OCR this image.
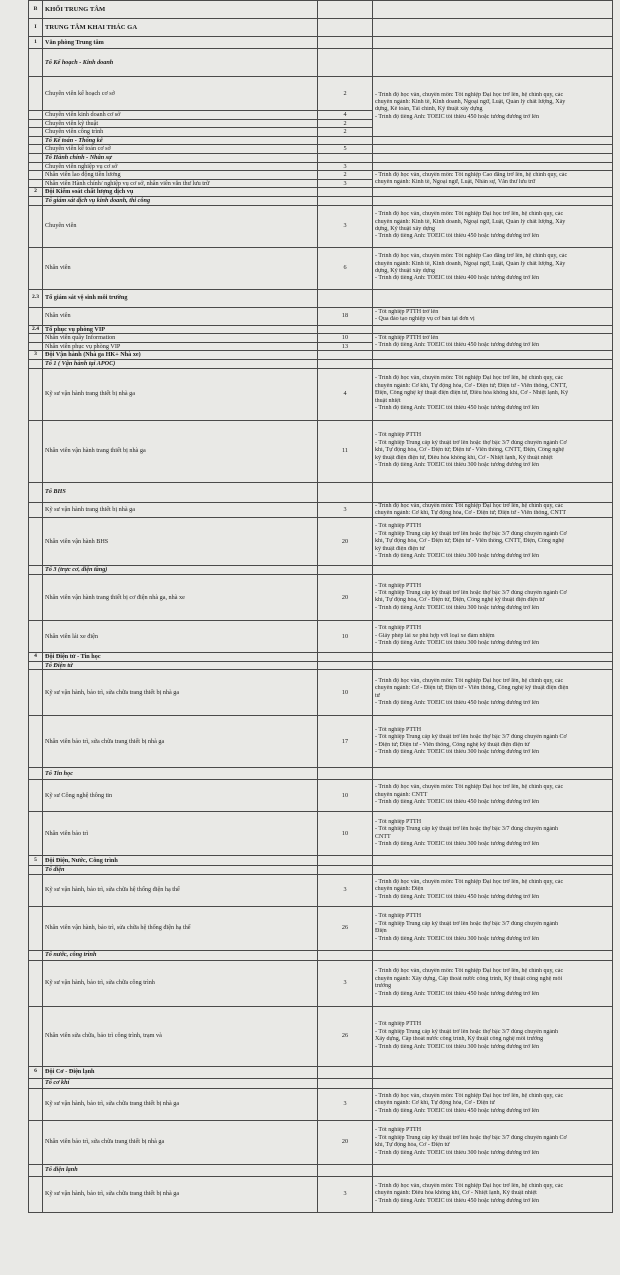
B	KHỐI TRUNG TÂM		
I	TRUNG TÂM KHAI THÁC GA		
1	Văn phòng Trung tâm		
	Tổ Kế hoạch - Kinh doanh		
	Chuyên viên kế hoạch cơ sở	2	- Trình độ học vấn, chuyên môn: Tốt nghiệp Đại học trở lên, hệ chính quy, các
chuyên ngành: Kinh tế, Kinh doanh, Ngoại ngữ, Luật, Quản lý chất lượng, Xây
dựng, Kế toán, Tài chính, Kỹ thuật xây dựng
- Trình độ tiếng Anh: TOEIC tối thiểu 450 hoặc tương đương trở lên

	Chuyên viên kinh doanh cơ sở	4	
	Chuyên viên kỹ thuật	2	
	Chuyên viên công trình	2	
	Tổ Kế toán - Thống kê		
	Chuyên viên kế toán cơ sở	5	
	Tổ Hành chính - Nhân sự		
	Chuyên viên nghiệp vụ cơ sở	3	
	Nhân viên lao động tiền lương	2	- Trình độ học vấn, chuyên môn: Tốt nghiệp Cao đẳng trở lên, hệ chính quy, các
chuyên ngành: Kinh tế, Ngoại ngữ, Luật, Nhân sự, Văn thư lưu trữ

	Nhân viên Hành chính/ nghiệp vụ cơ sở, nhân viên văn thư lưu trữ	3	
2	Đội Kiểm soát chất lượng dịch vụ		
	Tổ giám sát dịch vụ kinh doanh, thi công		
	Chuyên viên	3	- Trình độ học vấn, chuyên môn: Tốt nghiệp Đại học trở lên, hệ chính quy, các
chuyên ngành: Kinh tế, Kinh doanh, Ngoại ngữ, Luật, Quản lý chất lượng, Xây
dựng, Kỹ thuật xây dựng
- Trình độ tiếng Anh: TOEIC tối thiểu 450 hoặc tương đương trở lên

	Nhân viên	6	- Trình độ học vấn, chuyên môn: Tốt nghiệp Cao đẳng trở lên, hệ chính quy, các
chuyên ngành: Kinh tế, Kinh doanh, Ngoại ngữ, Luật, Quản lý chất lượng, Xây
dựng, Kỹ thuật xây dựng
- Trình độ tiếng Anh: TOEIC tối thiểu 400 hoặc tương đương trở lên

2.3	Tổ giám sát vệ sinh môi trường		
	Nhân viên	18	- Tốt nghiệp PTTH trở lên
- Qua đào tạo nghiệp vụ cơ bản tại đơn vị

2.4	Tổ phục vụ phòng VIP		
	Nhân viên quầy Information	10	- Tốt nghiệp PTTH trở lên
- Trình độ tiếng Anh: TOEIC tối thiểu 450 hoặc tương đương trở lên

	Nhân viên phục vụ phòng VIP	13	
3	Đội Vận hành (Nhà ga HK+ Nhà xe)		
	Tổ 1 ( Vận hành tại APOC)		
	Kỹ sư vận hành trang thiết bị nhà ga	4	- Trình độ học vấn, chuyên môn: Tốt nghiệp Đại học trở lên, hệ chính quy, các
chuyên ngành: Cơ khí, Tự động hóa, Cơ - Điện tử; Điện tử - Viễn thông, CNTT,
Điện, Công nghệ kỹ thuật điện điện tử, Điều hòa không khí, Cơ - Nhiệt lạnh, Kỹ
thuật nhiệt
- Trình độ tiếng Anh: TOEIC tối thiểu 450 hoặc tương đương trở lên

	Nhân viên vận hành trang thiết bị nhà ga	11	- Tốt nghiệp PTTH
- Tốt nghiệp Trung cấp kỹ thuật trở lên hoặc thợ bậc 3/7 đúng chuyên ngành Cơ
khí, Tự động hóa, Cơ - Điện tử; Điện tử - Viễn thông, CNTT, Điện, Công nghệ
kỹ thuật điện điện tử, Điều hòa không khí, Cơ - Nhiệt lạnh, Kỹ thuật nhiệt
- Trình độ tiếng Anh: TOEIC tối thiểu 300 hoặc tương đương trở lên

	Tổ BHS		
	Kỹ sư vận hành trang thiết bị nhà ga	3	- Trình độ học vấn, chuyên môn: Tốt nghiệp Đại học trở lên, hệ chính quy, các
chuyên ngành: Cơ khí, Tự động hóa, Cơ - Điện tử; Điện tử - Viễn thông, CNTT

	Nhân viên vận hành BHS	20	- Tốt nghiệp PTTH
- Tốt nghiệp Trung cấp kỹ thuật trở lên hoặc thợ bậc 3/7 đúng chuyên ngành Cơ
khí, Tự động hóa, Cơ - Điện tử; Điện tử - Viễn thông, CNTT, Điện, Công nghệ
kỹ thuật điện điện tử
- Trình độ tiếng Anh: TOEIC tối thiểu 300 hoặc tương đương trở lên

	Tổ 3 (trực cơ, điện tầng)		
	Nhân viên vận hành trang thiết bị cơ điện nhà ga, nhà xe	20	- Tốt nghiệp PTTH
- Tốt nghiệp Trung cấp kỹ thuật trở lên hoặc thợ bậc 3/7 đúng chuyên ngành Cơ
khí, Tự động hóa, Cơ - Điện tử, Điện, Công nghệ kỹ thuật điện điện tử
- Trình độ tiếng Anh: TOEIC tối thiểu 300 hoặc tương đương trở lên

	Nhân viên lái xe điện	10	- Tốt nghiệp PTTH
- Giấy phép lái xe phù hợp với loại xe đảm nhiệm
- Trình độ tiếng Anh: TOEIC tối thiểu 300 hoặc tương đương trở lên

4	Đội Điện tử - Tin học		
	Tổ Điện tử		
	Kỹ sư vận hành, bảo trì, sửa chữa trang thiết bị nhà ga	10	- Trình độ học vấn, chuyên môn: Tốt nghiệp Đại học trở lên, hệ chính quy, các
chuyên ngành: Cơ - Điện tử; Điện tử - Viễn thông, Công nghệ kỹ thuật điện điện
tử
- Trình độ tiếng Anh: TOEIC tối thiểu 450 hoặc tương đương trở lên

	Nhân viên bảo trì, sửa chữa trang thiết bị nhà ga	17	- Tốt nghiệp PTTH
- Tốt nghiệp Trung cấp kỹ thuật trở lên hoặc thợ bậc 3/7 đúng chuyên ngành Cơ
- Điện tử; Điện tử - Viễn thông, Công nghệ kỹ thuật điện điện tử
- Trình độ tiếng Anh: TOEIC tối thiểu 300 hoặc tương đương trở lên

	Tổ Tin học		
	Kỹ sư Công nghệ thông tin	10	- Trình độ học vấn, chuyên môn: Tốt nghiệp Đại học trở lên, hệ chính quy, các
chuyên ngành: CNTT
- Trình độ tiếng Anh: TOEIC tối thiểu 450 hoặc tương đương trở lên

	Nhân viên bảo trì	10	- Tốt nghiệp PTTH
- Tốt nghiệp Trung cấp kỹ thuật trở lên hoặc thợ bậc 3/7 đúng chuyên ngành
CNTT
- Trình độ tiếng Anh: TOEIC tối thiểu 300 hoặc tương đương trở lên

5	Đội Điện, Nước, Công trình		
	Tổ điện		
	Kỹ sư vận hành, bảo trì, sửa chữa hệ thống điện hạ thế	3	- Trình độ học vấn, chuyên môn: Tốt nghiệp Đại học trở lên, hệ chính quy, các
chuyên ngành: Điện
- Trình độ tiếng Anh: TOEIC tối thiểu 450 hoặc tương đương trở lên

	Nhân viên vận hành, bảo trì, sửa chữa hệ thống điện hạ thế	26	- Tốt nghiệp PTTH
- Tốt nghiệp Trung cấp kỹ thuật trở lên hoặc thợ bậc 3/7 đúng chuyên ngành
Điện
- Trình độ tiếng Anh: TOEIC tối thiểu 300 hoặc tương đương trở lên

	Tổ nước, công trình		
	Kỹ sư vận hành, bảo trì, sửa chữa công trình	3	- Trình độ học vấn, chuyên môn: Tốt nghiệp Đại học trở lên, hệ chính quy, các
chuyên ngành: Xây dựng, Cấp thoát nước công trình, Kỹ thuật công nghệ môi
trường
- Trình độ tiếng Anh: TOEIC tối thiểu 450 hoặc tương đương trở lên

	Nhân viên sửa chữa, bảo trì công trình, trạm và	26	- Tốt nghiệp PTTH
- Tốt nghiệp Trung cấp kỹ thuật trở lên hoặc thợ bậc 3/7 đúng chuyên ngành
Xây dựng, Cấp thoát nước công trình, Kỹ thuật công nghệ môi trường
- Trình độ tiếng Anh: TOEIC tối thiểu 300 hoặc tương đương trở lên

6	Đội Cơ - Điện lạnh		
	Tổ cơ khí		
	Kỹ sư vận hành, bảo trì, sửa chữa trang thiết bị nhà ga	3	- Trình độ học vấn, chuyên môn: Tốt nghiệp Đại học trở lên, hệ chính quy, các
chuyên ngành: Cơ khí, Tự động hóa, Cơ - Điện tử
- Trình độ tiếng Anh: TOEIC tối thiểu 450 hoặc tương đương trở lên

	Nhân viên bảo trì, sửa chữa trang thiết bị nhà ga	20	- Tốt nghiệp PTTH
- Tốt nghiệp Trung cấp kỹ thuật trở lên hoặc thợ bậc 3/7 đúng chuyên ngành Cơ
khí, Tự động hóa, Cơ - Điện tử
- Trình độ tiếng Anh: TOEIC tối thiểu 300 hoặc tương đương trở lên

	Tổ điện lạnh		
	Kỹ sư vận hành, bảo trì, sửa chữa trang thiết bị nhà ga	3	- Trình độ học vấn, chuyên môn: Tốt nghiệp Đại học trở lên, hệ chính quy, các
chuyên ngành: Điều hòa không khí, Cơ - Nhiệt lạnh, Kỹ thuật nhiệt
- Trình độ tiếng Anh: TOEIC tối thiểu 450 hoặc tương đương trở lên
